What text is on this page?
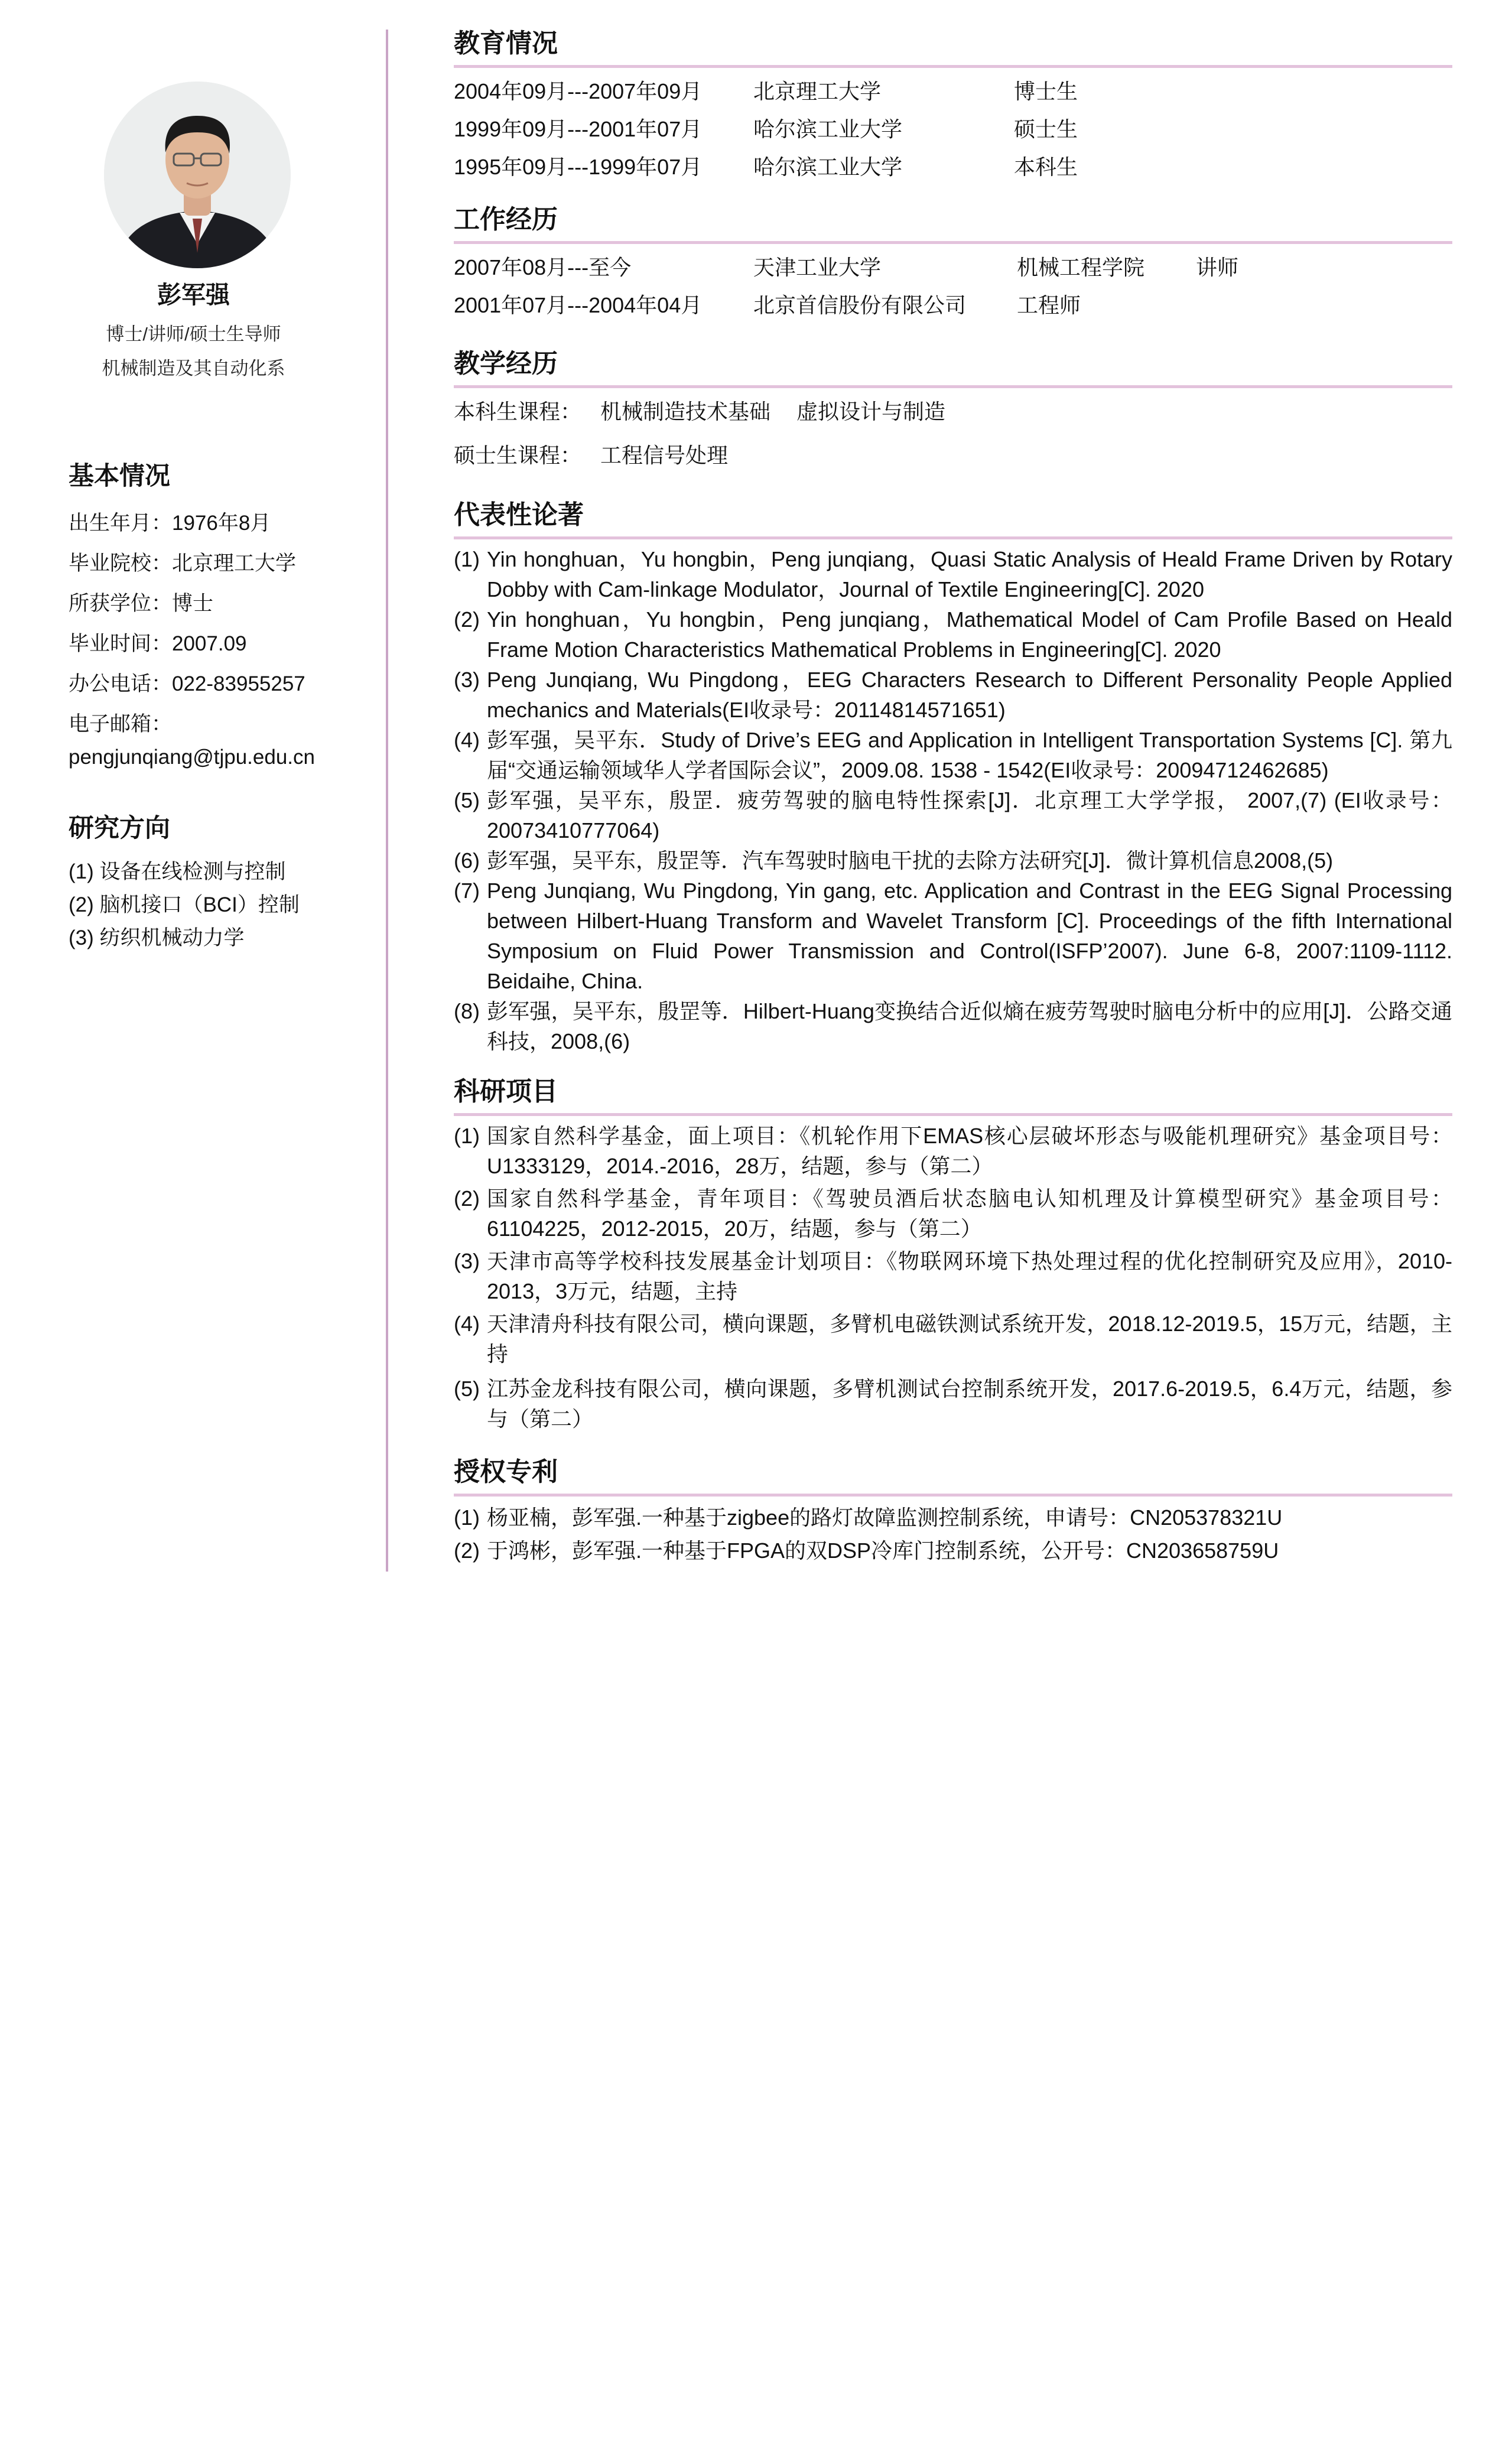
彭军强
博士/讲师/硕士生导师
机械制造及其自动化系
基本情况
出生年月：1976年8月
毕业院校：北京理工大学
所获学位：博士
毕业时间：2007.09
办公电话：022-83955257
电子邮箱：
pengjunqiang@tjpu.edu.cn
研究方向
(1) 设备在线检测与控制
(2) 脑机接口（BCI）控制
(3) 纺织机械动力学
教育情况
2004年09月---2007年09月 北京理工大学	博士生
1999年09月---2001年07月 哈尔滨工业大学	硕士生
1995年09月---1999年07月 哈尔滨工业大学	本科生
工作经历
2007年08月---至今	天津工业大学	机械工程学院 讲师
2001年07月---2004年04月 北京首信股份有限公司 工程师
教学经历
本科生课程： 机械制造技术基础 虚拟设计与制造
硕士生课程： 工程信号处理
代表性论著
(1) Yin honghuan，Yu hongbin，Peng junqiang，Quasi Static Analysis of Heald Frame Driven by Rotary Dobby with Cam-linkage Modulator，Journal of Textile Engineering[C]. 2020
(2) Yin honghuan，Yu hongbin，Peng junqiang，Mathematical Model of Cam Profile Based on Heald Frame Motion Characteristics Mathematical Problems in Engineering[C]. 2020
(3) Peng Junqiang, Wu Pingdong，EEG Characters Research to Different Personality People Applied mechanics and Materials(EI收录号：20114814571651)
(4) 彭军强，吴平东．Study of Drive’s EEG and Application in Intelligent Transportation Systems [C]. 第九届“交通运输领域华人学者国际会议”，2009.08. 1538 - 1542(EI收录号：20094712462685)
(5) 彭军强，吴平东，殷罡．疲劳驾驶的脑电特性探索[J]．北京理工大学学报， 2007,(7) (EI收录号：20073410777064)
(6) 彭军强，吴平东，殷罡等．汽车驾驶时脑电干扰的去除方法研究[J]．微计算机信息2008,(5)
(7) Peng Junqiang, Wu Pingdong, Yin gang, etc. Application and Contrast in the EEG Signal Processing between Hilbert-Huang Transform and Wavelet Transform [C]. Proceedings of the fifth International Symposium on Fluid Power Transmission and Control(ISFP’2007). June 6-8, 2007:1109-1112. Beidaihe, China.
(8) 彭军强，吴平东，殷罡等．Hilbert-Huang变换结合近似熵在疲劳驾驶时脑电分析中的应用[J]．公路交通科技，2008,(6)
科研项目
(1) 国家自然科学基金，面上项目：《机轮作用下EMAS核心层破坏形态与吸能机理研究》基金项目号：U1333129，2014.-2016，28万，结题，参与（第二）
(2) 国家自然科学基金，青年项目：《驾驶员酒后状态脑电认知机理及计算模型研究》基金项目号：61104225，2012-2015，20万，结题，参与（第二）
(3) 天津市高等学校科技发展基金计划项目：《物联网环境下热处理过程的优化控制研究及应用》，2010-2013，3万元，结题，主持
(4) 天津清舟科技有限公司，横向课题，多臂机电磁铁测试系统开发，2018.12-2019.5，15万元，结题，主持
(5) 江苏金龙科技有限公司，横向课题，多臂机测试台控制系统开发，2017.6-2019.5，6.4万元，结题，参与（第二）
授权专利
(1) 杨亚楠，彭军强.一种基于zigbee的路灯故障监测控制系统，申请号：CN205378321U
(2) 于鸿彬，彭军强.一种基于FPGA的双DSP冷库门控制系统，公开号：CN203658759U
